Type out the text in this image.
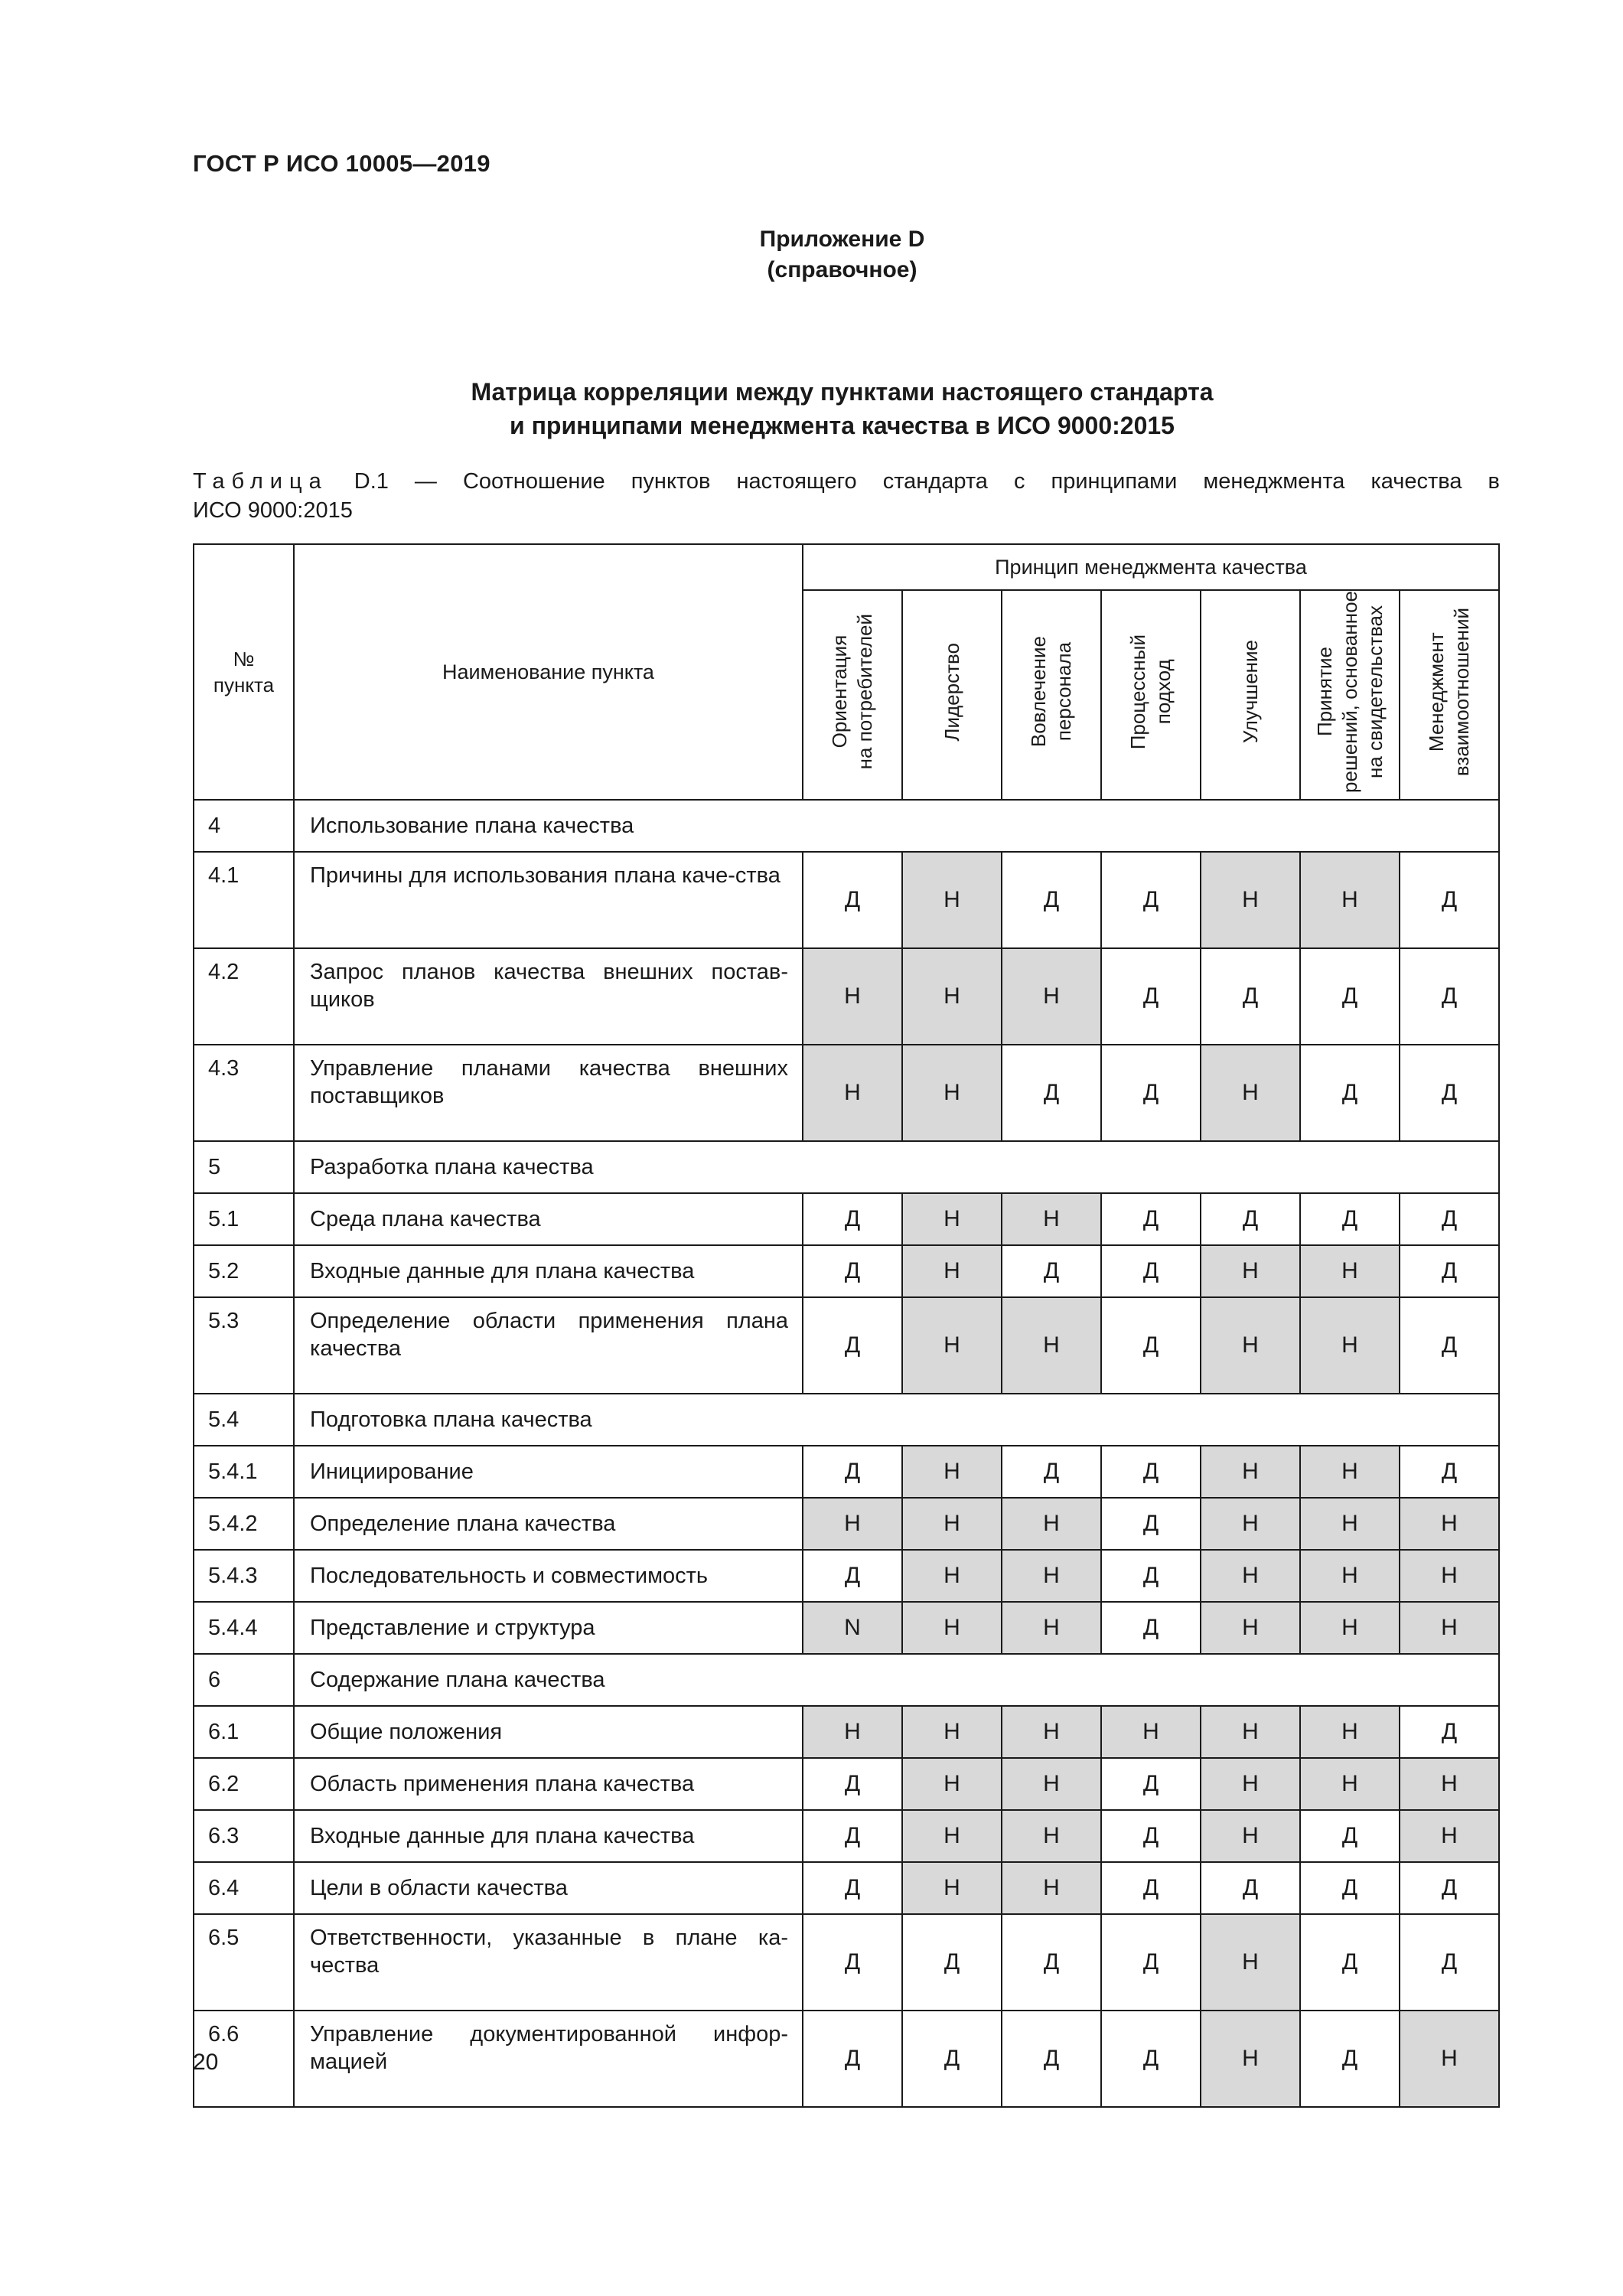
ГОСТ Р ИСО 10005—2019
Приложение D
(справочное)
Матрица корреляции между пунктами настоящего стандарта
и принципами менеджмента качества в ИСО 9000:2015
Таблица D.1 — Соотношение пунктов настоящего стандарта с принципами менеджмента качества в
ИСО 9000:2015
№
пункта	Наименование пункта	Принцип менеджмента качества						
		Ориентация на потребителей	Лидерство	Вовлечение персонала	Процессный подход	Улучшение	Принятие решений, основанное на свидетельствах	Менеджмент взаимоотношений
4	Использование плана качества							
4.1	Причины для использования плана каче-ства	Д	Н	Д	Д	Н	Н	Д
4.2	Запрос планов качества внешних постав-щиков	Н	Н	Н	Д	Д	Д	Д
4.3	Управление планами качества внешних поставщиков	Н	Н	Д	Д	Н	Д	Д
5	Разработка плана качества							
5.1	Среда плана качества	Д	Н	Н	Д	Д	Д	Д
5.2	Входные данные для плана качества	Д	Н	Д	Д	Н	Н	Д
5.3	Определение области применения плана качества	Д	Н	Н	Д	Н	Н	Д
5.4	Подготовка плана качества							
5.4.1	Инициирование	Д	Н	Д	Д	Н	Н	Д
5.4.2	Определение плана качества	Н	Н	Н	Д	Н	Н	Н
5.4.3	Последовательность и совместимость	Д	Н	Н	Д	Н	Н	Н
5.4.4	Представление и структура	N	Н	Н	Д	Н	Н	Н
6	Содержание плана качества							
6.1	Общие положения	Н	Н	Н	Н	Н	Н	Д
6.2	Область применения плана качества	Д	Н	Н	Д	Н	Н	Н
6.3	Входные данные для плана качества	Д	Н	Н	Д	Н	Д	Н
6.4	Цели в области качества	Д	Н	Н	Д	Д	Д	Д
6.5	Ответственности, указанные в плане ка-чества	Д	Д	Д	Д	Н	Д	Д
6.6	Управление документированной инфор-мацией	Д	Д	Д	Д	Н	Д	Н
20
